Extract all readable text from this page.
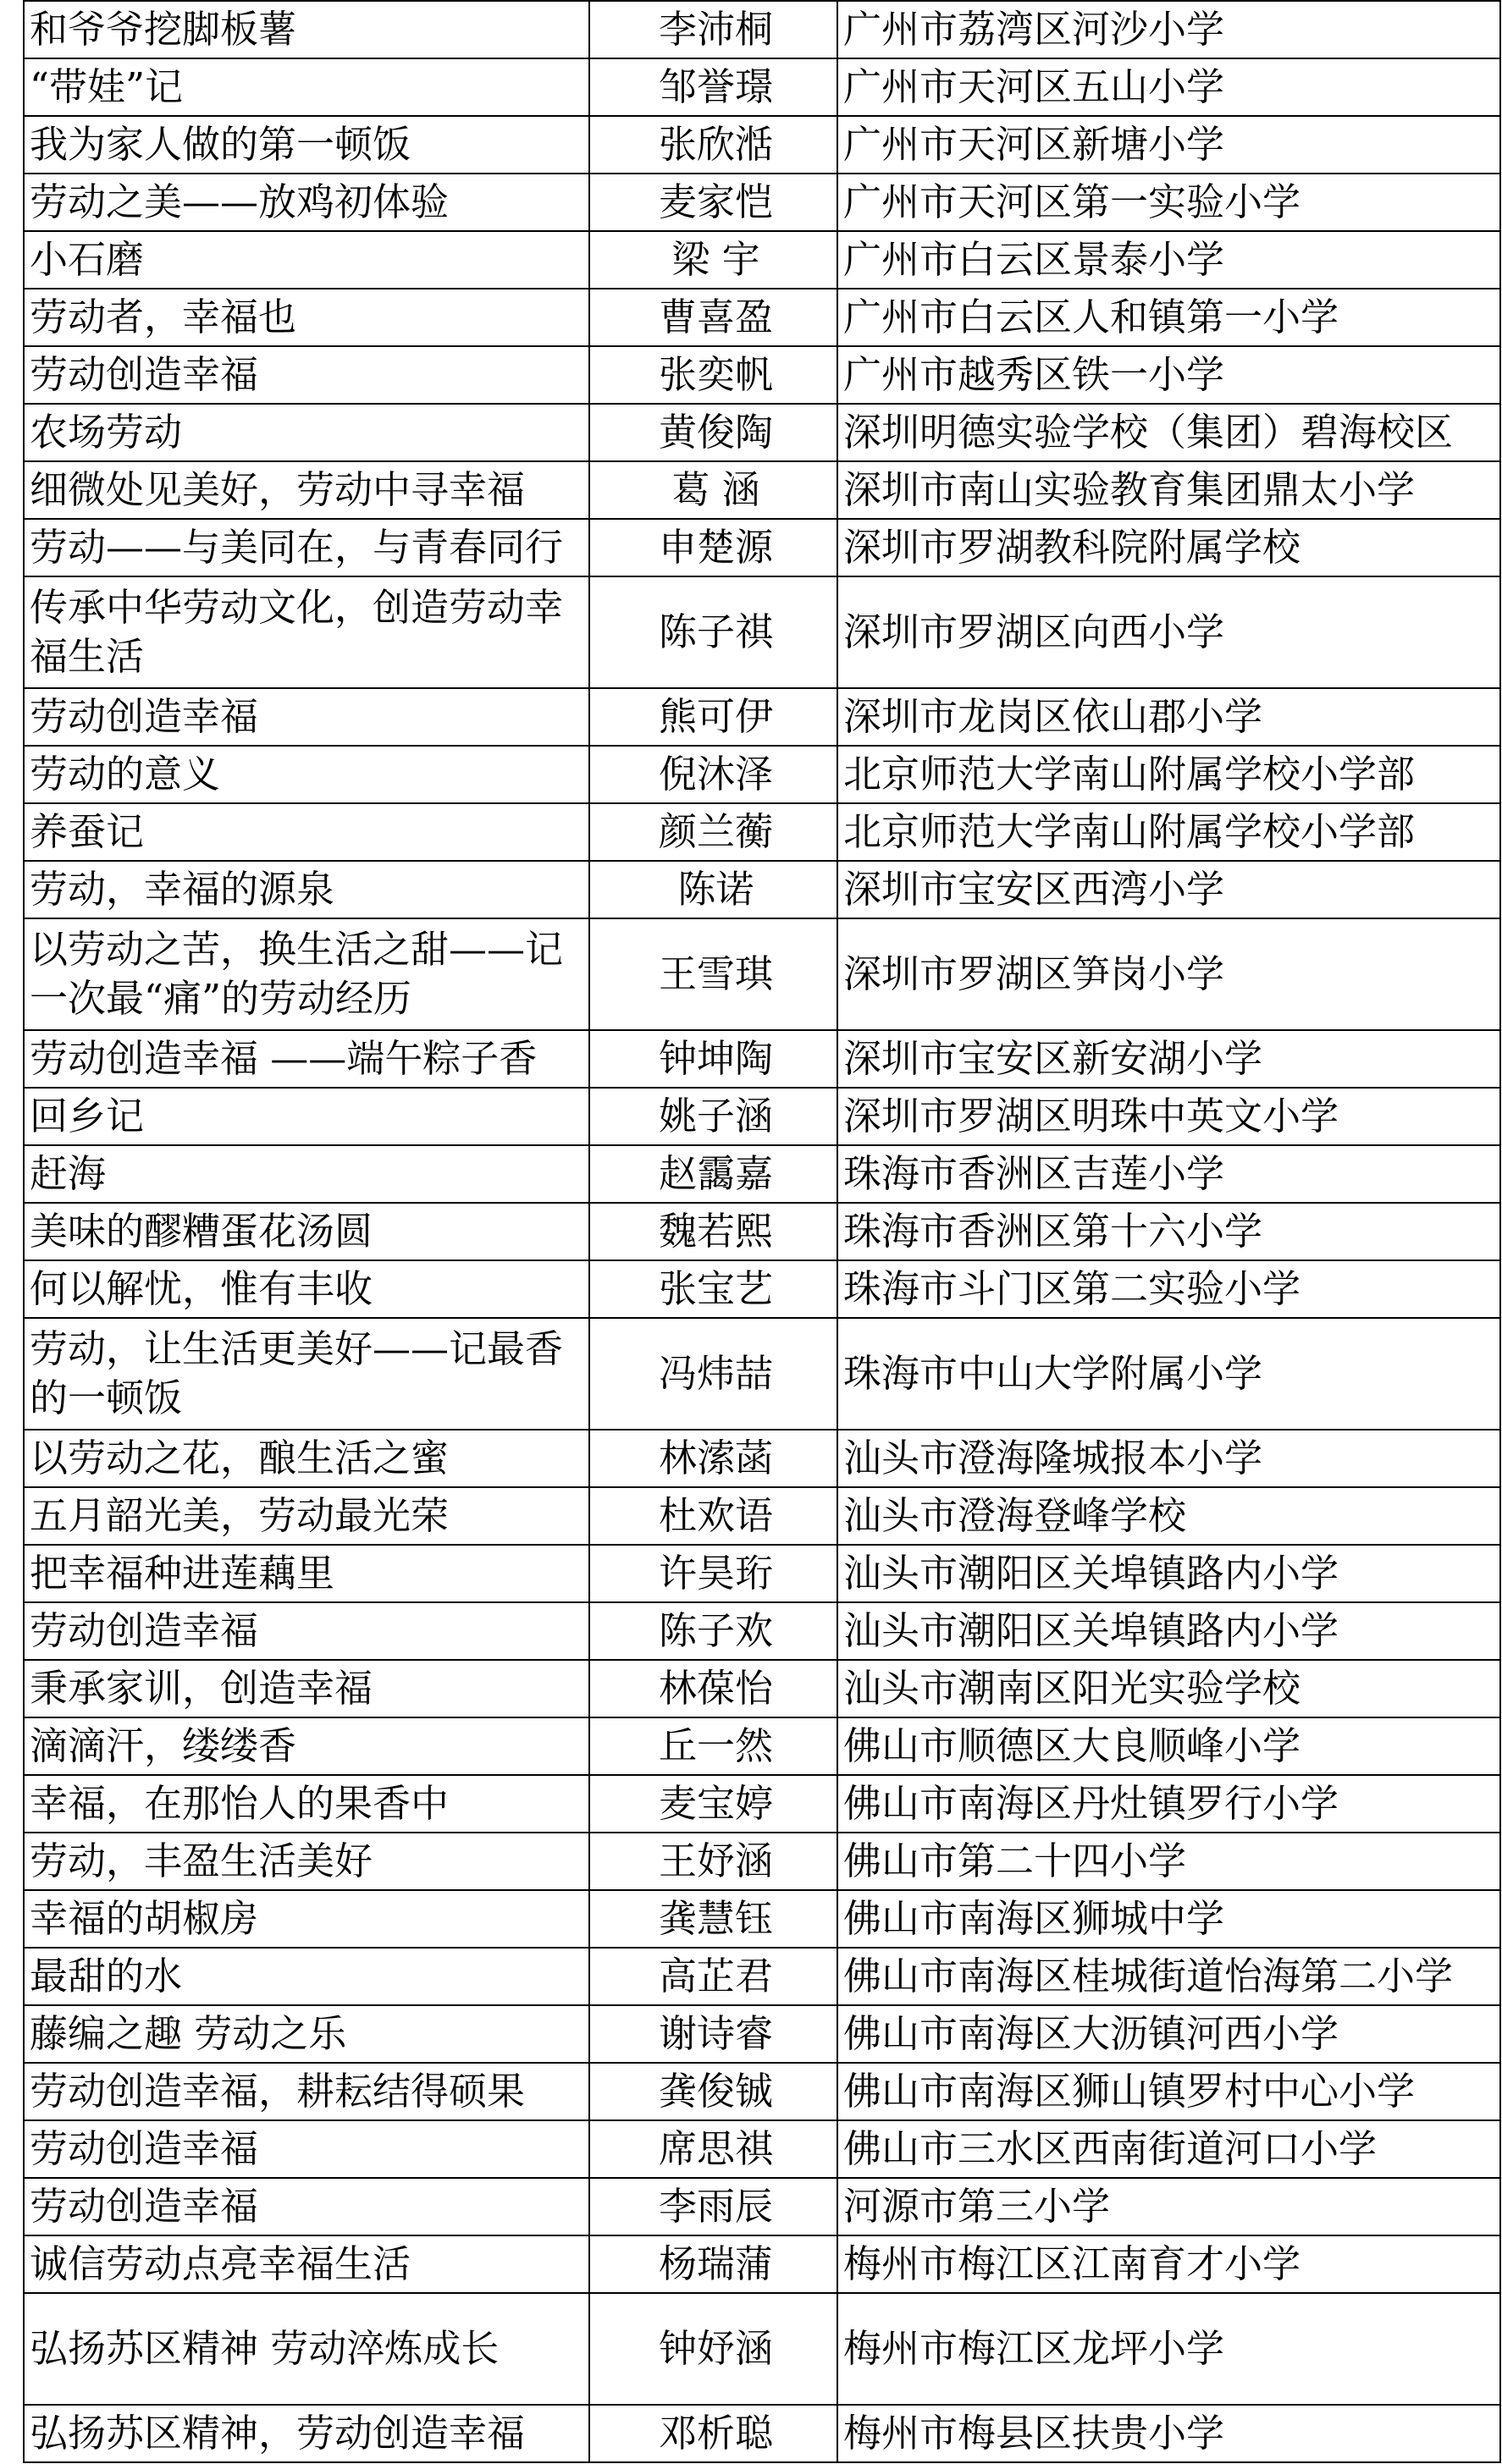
和爷爷挖脚板薯	李沛桐	广州市荔湾区河沙小学
“带娃”记	邹誉璟	广州市天河区五山小学
我为家人做的第一顿饭	张欣湉	广州市天河区新塘小学
劳动之美——放鸡初体验	麦家恺	广州市天河区第一实验小学
小石磨	梁 宇	广州市白云区景泰小学
劳动者，幸福也	曹喜盈	广州市白云区人和镇第一小学
劳动创造幸福	张奕帆	广州市越秀区铁一小学
农场劳动	黄俊陶	深圳明德实验学校（集团）碧海校区
细微处见美好，劳动中寻幸福	葛 涵	深圳市南山实验教育集团鼎太小学
劳动——与美同在，与青春同行	申楚源	深圳市罗湖教科院附属学校
传承中华劳动文化，创造劳动幸福生活	陈子祺	深圳市罗湖区向西小学
劳动创造幸福	熊可伊	深圳市龙岗区依山郡小学
劳动的意义	倪沐泽	北京师范大学南山附属学校小学部
养蚕记	颜兰蘅	北京师范大学南山附属学校小学部
劳动，幸福的源泉	陈诺	深圳市宝安区西湾小学
以劳动之苦，换生活之甜——记一次最“痛”的劳动经历	王雪琪	深圳市罗湖区笋岗小学
劳动创造幸福 ——端午粽子香	钟坤陶	深圳市宝安区新安湖小学
回乡记	姚子涵	深圳市罗湖区明珠中英文小学
赶海	赵靄嘉	珠海市香洲区吉莲小学
美味的醪糟蛋花汤圆	魏若熙	珠海市香洲区第十六小学
何以解忧，惟有丰收	张宝艺	珠海市斗门区第二实验小学
劳动，让生活更美好——记最香的一顿饭	冯炜喆	珠海市中山大学附属小学
以劳动之花，酿生活之蜜	林溹菡	汕头市澄海隆城报本小学
五月韶光美，劳动最光荣	杜欢语	汕头市澄海登峰学校
把幸福种进莲藕里	许昊珩	汕头市潮阳区关埠镇路内小学
劳动创造幸福	陈子欢	汕头市潮阳区关埠镇路内小学
秉承家训，创造幸福	林葆怡	汕头市潮南区阳光实验学校
滴滴汗，缕缕香	丘一然	佛山市顺德区大良顺峰小学
幸福，在那怡人的果香中	麦宝婷	佛山市南海区丹灶镇罗行小学
劳动，丰盈生活美好	王妤涵	佛山市第二十四小学
幸福的胡椒房	龚慧钰	佛山市南海区狮城中学
最甜的水	高芷君	佛山市南海区桂城街道怡海第二小学
藤编之趣 劳动之乐	谢诗睿	佛山市南海区大沥镇河西小学
劳动创造幸福，耕耘结得硕果	龚俊铖	佛山市南海区狮山镇罗村中心小学
劳动创造幸福	席思祺	佛山市三水区西南街道河口小学
劳动创造幸福	李雨辰	河源市第三小学
诚信劳动点亮幸福生活	杨瑞蒲	梅州市梅江区江南育才小学
弘扬苏区精神 劳动淬炼成长	钟妤涵	梅州市梅江区龙坪小学
弘扬苏区精神，劳动创造幸福	邓析聪	梅州市梅县区扶贵小学
